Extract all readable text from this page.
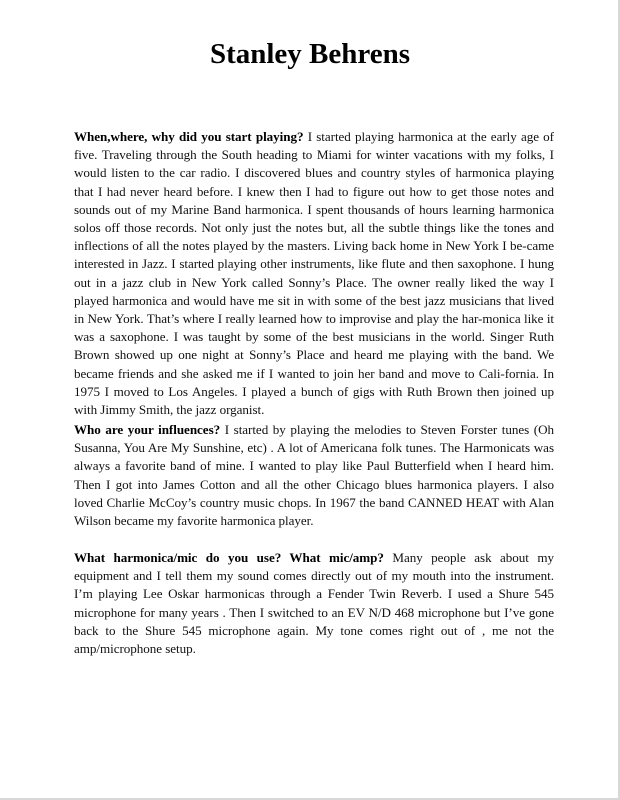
Stanley Behrens

When,where, why did you start playing? I started playing harmonica at the early age of five. Traveling through the South heading to Miami for winter vacations with my folks, I would listen to the car radio. I discovered blues and country styles of harmonica playing that I had never heard before. I knew then I had to figure out how to get those notes and sounds out of my Marine Band harmonica. I spent thousands of hours learning harmonica solos off those records. Not only just the notes but, all the subtle things like the tones and inflections of all the notes played by the masters. Living back home in New York I be-came interested in Jazz. I started playing other instruments, like flute and then saxophone. I hung out in a jazz club in New York called Sonny’s Place. The owner really liked the way I played harmonica and would have me sit in with some of the best jazz musicians that lived in New York. That’s where I really learned how to improvise and play the har-monica like it was a saxophone. I was taught by some of the best musicians in the world. Singer Ruth Brown showed up one night at Sonny’s Place and heard me playing with the band. We became friends and she asked me if I wanted to join her band and move to Cali-fornia. In 1975 I moved to Los Angeles. I played a bunch of gigs with Ruth Brown then joined up with Jimmy Smith, the jazz organist.

Who are your influences? I started by playing the melodies to Steven Forster tunes (Oh Susanna, You Are My Sunshine, etc) . A lot of Americana folk tunes. The Harmonicats was always a favorite band of mine. I wanted to play like Paul Butterfield when I heard him. Then I got into James Cotton and all the other Chicago blues harmonica players. I also loved Charlie McCoy’s country music chops. In 1967 the band CANNED HEAT with Alan Wilson became my favorite harmonica player.

What harmonica/mic do you use? What mic/amp? Many people ask about my equipment and I tell them my sound comes directly out of my mouth into the instrument. I’m playing Lee Oskar harmonicas through a Fender Twin Reverb. I used a Shure 545 microphone for many years . Then I switched to an EV N/D 468 microphone but I’ve gone back to the Shure 545 microphone again. My tone comes right out of , me not the amp/microphone setup.
